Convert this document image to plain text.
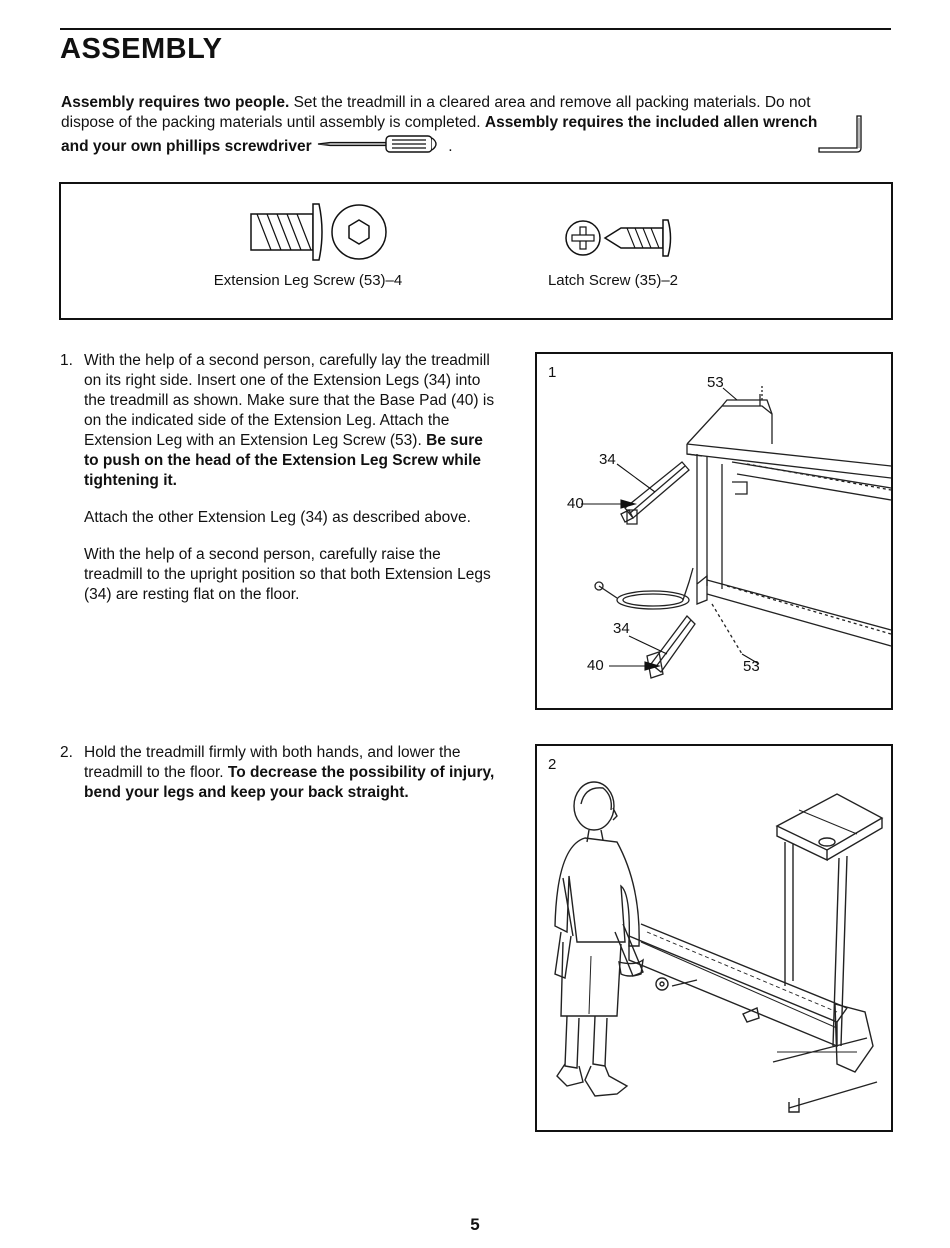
ASSEMBLY
Assembly requires two people. Set the treadmill in a cleared area and remove all packing materials. Do not dispose of the packing materials until assembly is completed. Assembly requires the included allen wrench
and your own phillips screwdriver	.
Extension Leg Screw (53)–4	Latch Screw (35)–2
1. With the help of a second person, carefully lay the treadmill on its right side. Insert one of the Extension Legs (34) into the treadmill as shown. Make sure that the Base Pad (40) is on the indicated side of the Extension Leg. Attach the Extension Leg with an Extension Leg Screw (53). Be sure to push on the head of the Extension Leg Screw while tightening it.

Attach the other Extension Leg (34) as described above.

With the help of a second person, carefully raise the treadmill to the upright position so that both Extension Legs (34) are resting flat on the floor.

1
53
34
40
34
40	53
2. Hold the treadmill firmly with both hands, and lower the treadmill to the floor. To decrease the possibility of injury, bend your legs and keep your back straight.

2
5
